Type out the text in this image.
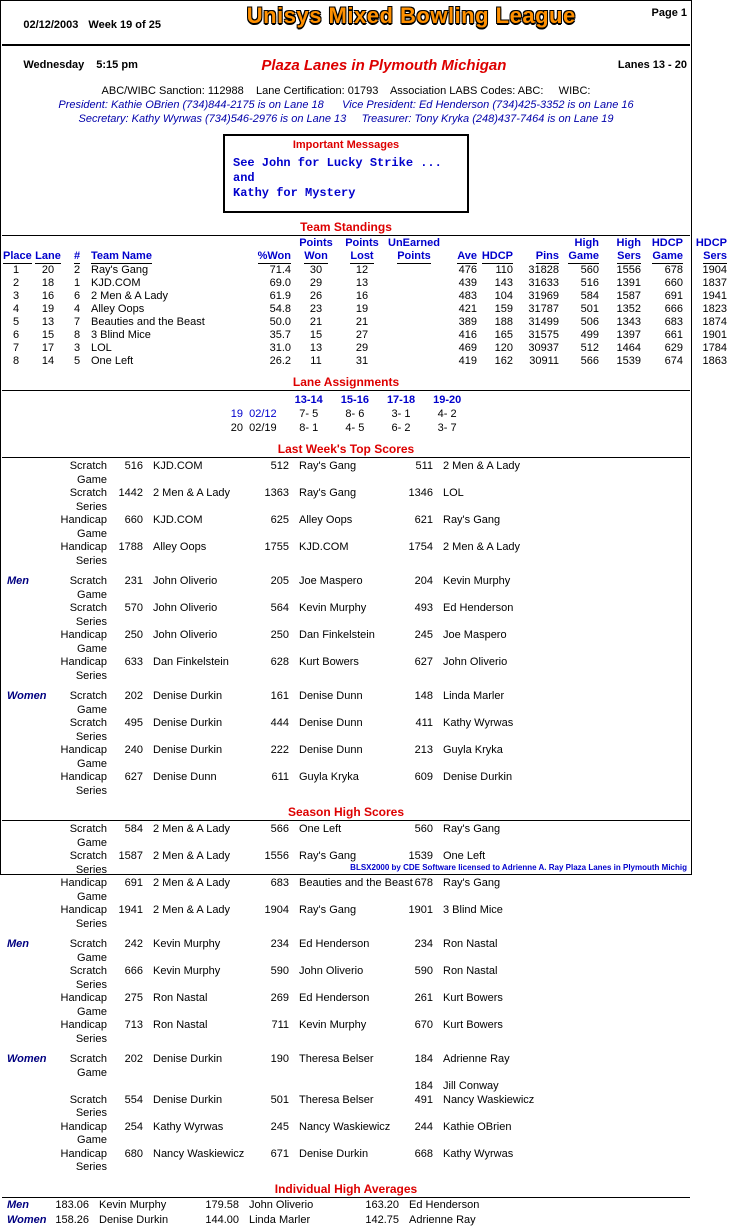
02/12/2003 Week 19 of 25
	Unisys Mixed Bowling League	Page 1

Wednesday 5:15 pm
	Plaza Lanes in Plymouth Michigan	Lanes 13 - 20
ABC/WIBC Sanction: 112988    Lane Certification: 01793    Association LABS Codes: ABC:     WIBC:
President: Kathie OBrien (734)844-2175 is on Lane 18      Vice President: Ed Henderson (734)425-3352 is on Lane 16
Secretary: Kathy Wyrwas (734)546-2976 is on Lane 13     Treasurer: Tony Kryka (248)437-7464 is on Lane 19
Important Messages
See John for Lucky Strike ...
and
Kathy for Mystery
Team Standings
					Points	Points	UnEarned				High	High	HDCP	HDCP
Place	Lane	#	Team Name	%Won	Won	Lost	Points	Ave	HDCP	Pins	Game	Sers	Game	Sers
1	20	2	Ray's Gang	71.4	30	12		476	110	31828	560	1556	678	1904
2	18	1	KJD.COM	69.0	29	13		439	143	31633	516	1391	660	1837
3	16	6	2 Men & A Lady	61.9	26	16		483	104	31969	584	1587	691	1941
4	19	4	Alley Oops	54.8	23	19		421	159	31787	501	1352	666	1823
5	13	7	Beauties and the Beast	50.0	21	21		389	188	31499	506	1343	683	1874
6	15	8	3 Blind Mice	35.7	15	27		416	165	31575	499	1397	661	1901
7	17	3	LOL	31.0	13	29		469	120	30937	512	1464	629	1784
8	14	5	One Left	26.2	11	31		419	162	30911	566	1539	674	1863
Lane Assignments
	13-14	15-16	17-18	19-20
19  02/12	7- 5	8- 6	3- 1	4- 2
20  02/19	8- 1	4- 5	6- 2	3- 7
Last Week's Top Scores
Scratch Game
516 KJD.COM	512 Ray's Gang	511 2 Men & A Lady
Scratch Series
1442 2 Men & A Lady	1363 Ray's Gang	1346 LOL
Handicap Game
660 KJD.COM	625 Alley Oops	621 Ray's Gang
Handicap Series
1788 Alley Oops	1755 KJD.COM	1754 2 Men & A Lady
Men	Scratch Game
231 John Oliverio	205 Joe Maspero	204 Kevin Murphy
Scratch Series
570 John Oliverio	564 Kevin Murphy	493 Ed Henderson
Handicap Game
250 John Oliverio	250 Dan Finkelstein	245 Joe Maspero
Handicap Series
633 Dan Finkelstein	628 Kurt Bowers	627 John Oliverio
Women	Scratch Game
202 Denise Durkin	161 Denise Dunn	148 Linda Marler
Scratch Series
495 Denise Durkin	444 Denise Dunn	411 Kathy Wyrwas
Handicap Game
240 Denise Durkin	222 Denise Dunn	213 Guyla Kryka
Handicap Series
627 Denise Dunn	611 Guyla Kryka	609 Denise Durkin
Season High Scores
Scratch Game
584 2 Men & A Lady	566 One Left	560 Ray's Gang
Scratch Series
1587 2 Men & A Lady	1556 Ray's Gang	1539 One Left
Handicap Game
691 2 Men & A Lady	683 Beauties and the Beast 678 Ray's Gang
Handicap Series
1941 2 Men & A Lady	1904 Ray's Gang	1901 3 Blind Mice
Men	Scratch Game
242 Kevin Murphy	234 Ed Henderson	234 Ron Nastal
Scratch Series
666 Kevin Murphy	590 John Oliverio	590 Ron Nastal
Handicap Game
275 Ron Nastal	269 Ed Henderson	261 Kurt Bowers
Handicap Series
713 Ron Nastal	711 Kevin Murphy	670 Kurt Bowers
Women	Scratch Game
202 Denise Durkin	190 Theresa Belser	184 Adrienne Ray
184 Jill Conway
Scratch Series
554 Denise Durkin	501 Theresa Belser	491 Nancy Waskiewicz
Handicap Game
254 Kathy Wyrwas	245 Nancy Waskiewicz	244 Kathie OBrien
Handicap Series
680 Nancy Waskiewicz	671 Denise Durkin	668 Kathy Wyrwas
Individual High Averages
Men	183.06 Kevin Murphy	179.58 John Oliverio	163.20 Ed Henderson
Women 158.26 Denise Durkin	144.00 Linda Marler	142.75 Adrienne Ray
BLSX2000 by CDE Software licensed to Adrienne A. Ray Plaza Lanes in Plymouth Michig
